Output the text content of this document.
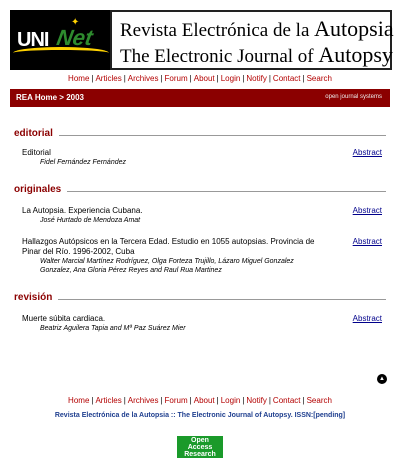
✦
UNI Net Revista Electrónica de la Autopsia
The Electronic Journal of Autopsy
Home | Articles | Archives | Forum | About | Login | Notify | Contact | Search
REA Home > 2003	open journal systems
editorial
Editorial
Fidel Fernández Fernández
Abstract
originales
La Autopsia. Experiencia Cubana.
José Hurtado de Mendoza Amat
Abstract
Hallazgos Autópsicos en la Tercera Edad. Estudio en 1055 autopsias. Provincia de Pinar del Río. 1996-2002, Cuba
Walter Marcial Martínez Rodríguez, Olga Forteza Trujillo, Lázaro Miguel Gonzalez Gonzalez, Ana Gloria Pérez Reyes and Raul Rua Martinez
Abstract
revisión
Muerte súbita cardiaca.
Beatriz Aguilera Tapia and Mª Paz Suárez Mier
Abstract
▲
Home | Articles | Archives | Forum | About | Login | Notify | Contact | Search
Revista Electrónica de la Autopsia :: The Electronic Journal of Autopsy. ISSN:[pending]
Open
Access
Research
